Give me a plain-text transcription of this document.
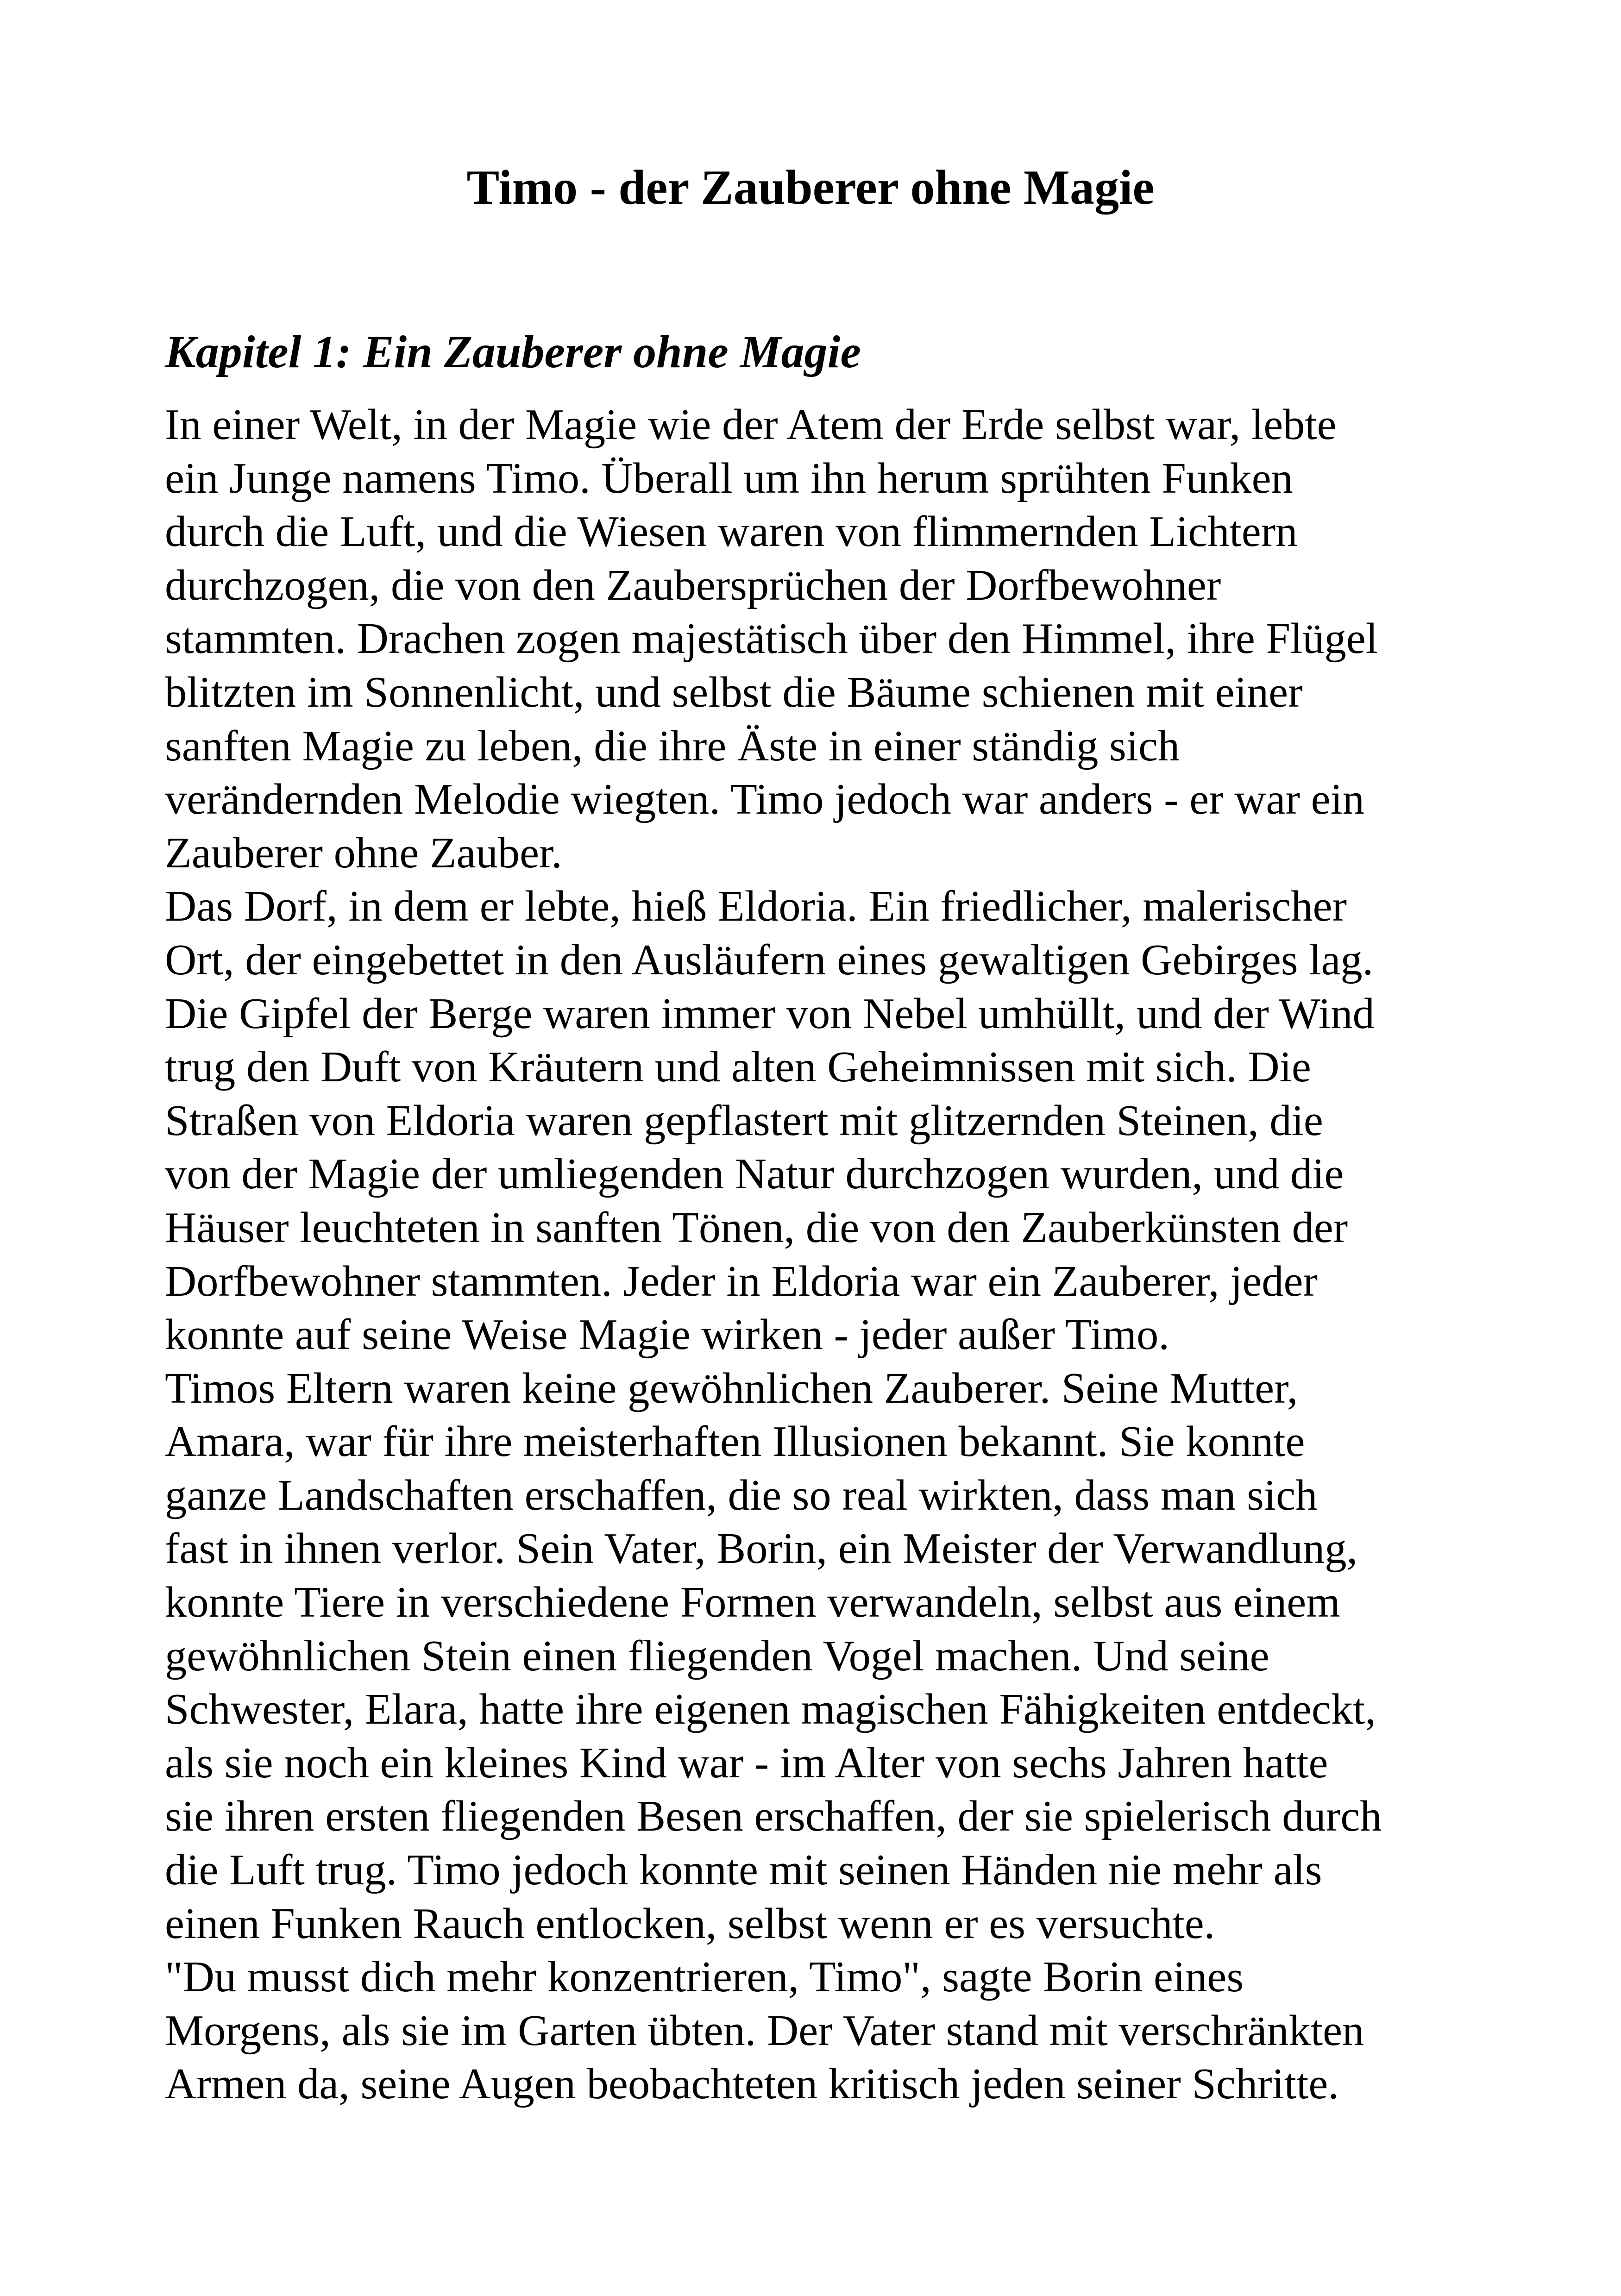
Timo - der Zauberer ohne Magie
Kapitel 1: Ein Zauberer ohne Magie
In einer Welt, in der Magie wie der Atem der Erde selbst war, lebte
ein Junge namens Timo. Überall um ihn herum sprühten Funken
durch die Luft, und die Wiesen waren von flimmernden Lichtern
durchzogen, die von den Zaubersprüchen der Dorfbewohner
stammten. Drachen zogen majestätisch über den Himmel, ihre Flügel
blitzten im Sonnenlicht, und selbst die Bäume schienen mit einer
sanften Magie zu leben, die ihre Äste in einer ständig sich
verändernden Melodie wiegten. Timo jedoch war anders - er war ein
Zauberer ohne Zauber.
Das Dorf, in dem er lebte, hieß Eldoria. Ein friedlicher, malerischer
Ort, der eingebettet in den Ausläufern eines gewaltigen Gebirges lag.
Die Gipfel der Berge waren immer von Nebel umhüllt, und der Wind
trug den Duft von Kräutern und alten Geheimnissen mit sich. Die
Straßen von Eldoria waren gepflastert mit glitzernden Steinen, die
von der Magie der umliegenden Natur durchzogen wurden, und die
Häuser leuchteten in sanften Tönen, die von den Zauberkünsten der
Dorfbewohner stammten. Jeder in Eldoria war ein Zauberer, jeder
konnte auf seine Weise Magie wirken - jeder außer Timo.
Timos Eltern waren keine gewöhnlichen Zauberer. Seine Mutter,
Amara, war für ihre meisterhaften Illusionen bekannt. Sie konnte
ganze Landschaften erschaffen, die so real wirkten, dass man sich
fast in ihnen verlor. Sein Vater, Borin, ein Meister der Verwandlung,
konnte Tiere in verschiedene Formen verwandeln, selbst aus einem
gewöhnlichen Stein einen fliegenden Vogel machen. Und seine
Schwester, Elara, hatte ihre eigenen magischen Fähigkeiten entdeckt,
als sie noch ein kleines Kind war - im Alter von sechs Jahren hatte
sie ihren ersten fliegenden Besen erschaffen, der sie spielerisch durch
die Luft trug. Timo jedoch konnte mit seinen Händen nie mehr als
einen Funken Rauch entlocken, selbst wenn er es versuchte.
"Du musst dich mehr konzentrieren, Timo", sagte Borin eines
Morgens, als sie im Garten übten. Der Vater stand mit verschränkten
Armen da, seine Augen beobachteten kritisch jeden seiner Schritte.
